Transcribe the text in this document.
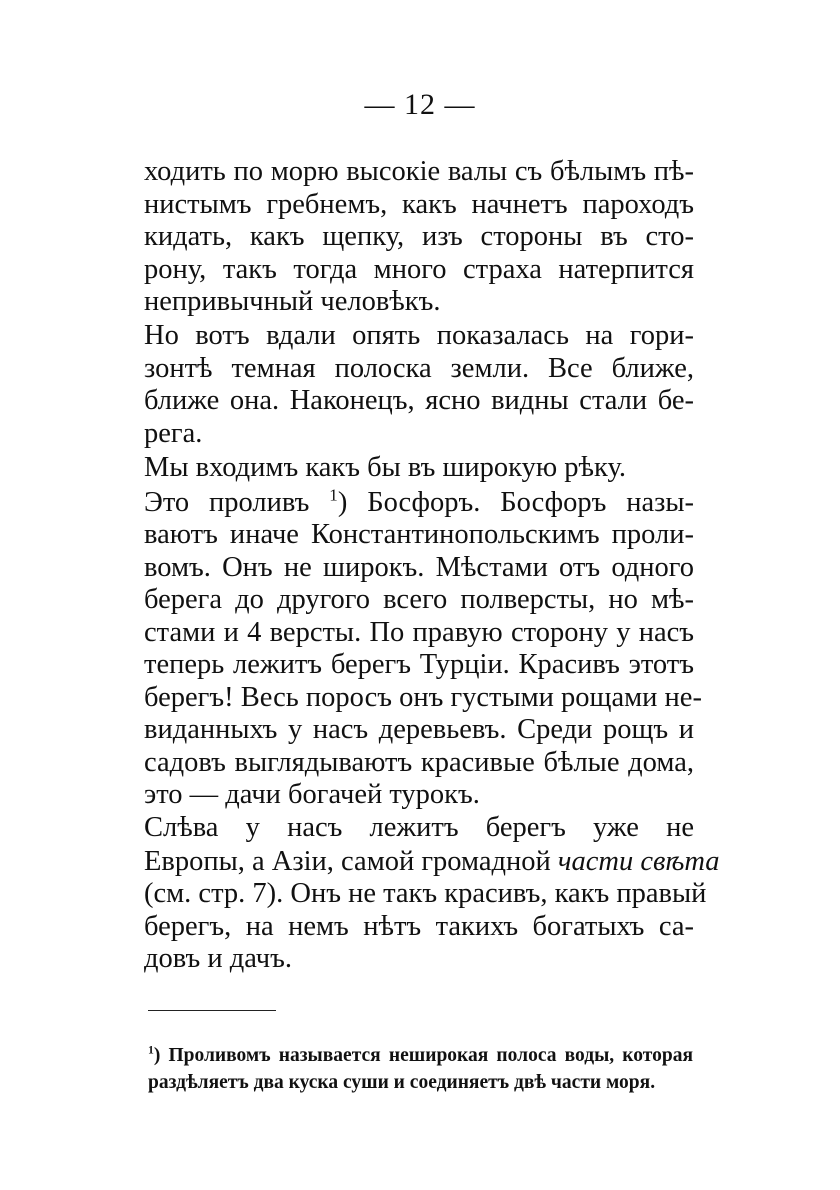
— 12 —
ходить по морю высокіе валы съ бѣлымъ пѣ-
нистымъ гребнемъ, какъ начнетъ пароходъ
кидать, какъ щепку, изъ стороны въ сто-
рону, такъ тогда много страха натерпится
непривычный человѣкъ.
Но вотъ вдали опять показалась на гори-
зонтѣ темная полоска земли. Все ближе,
ближе она. Наконецъ, ясно видны стали бе-
рега.
Мы входимъ какъ бы въ широкую рѣку.
Это проливъ $^1$) Босфоръ. Босфоръ назы-
ваютъ иначе Константинопольскимъ проли-
вомъ. Онъ не широкъ. Мѣстами отъ одного
берега до другого всего полверсты, но мѣ-
стами и 4 версты. По правую сторону у насъ
теперь лежитъ берегъ Турціи. Красивъ этотъ
берегъ! Весь поросъ онъ густыми рощами не-
виданныхъ у насъ деревьевъ. Среди рощъ и
садовъ выглядываютъ красивые бѣлые дома,
это — дачи богачей турокъ.
Слѣва у насъ лежитъ берегъ уже не
Европы, а Азіи, самой громадной части свѣта
(см. стр. 7). Онъ не такъ красивъ, какъ правый
берегъ, на немъ нѣтъ такихъ богатыхъ са-
довъ и дачъ.
$^1$) Проливомъ называется неширокая полоса воды, которая
раздѣляетъ два куска суши и соединяетъ двѣ части моря.
